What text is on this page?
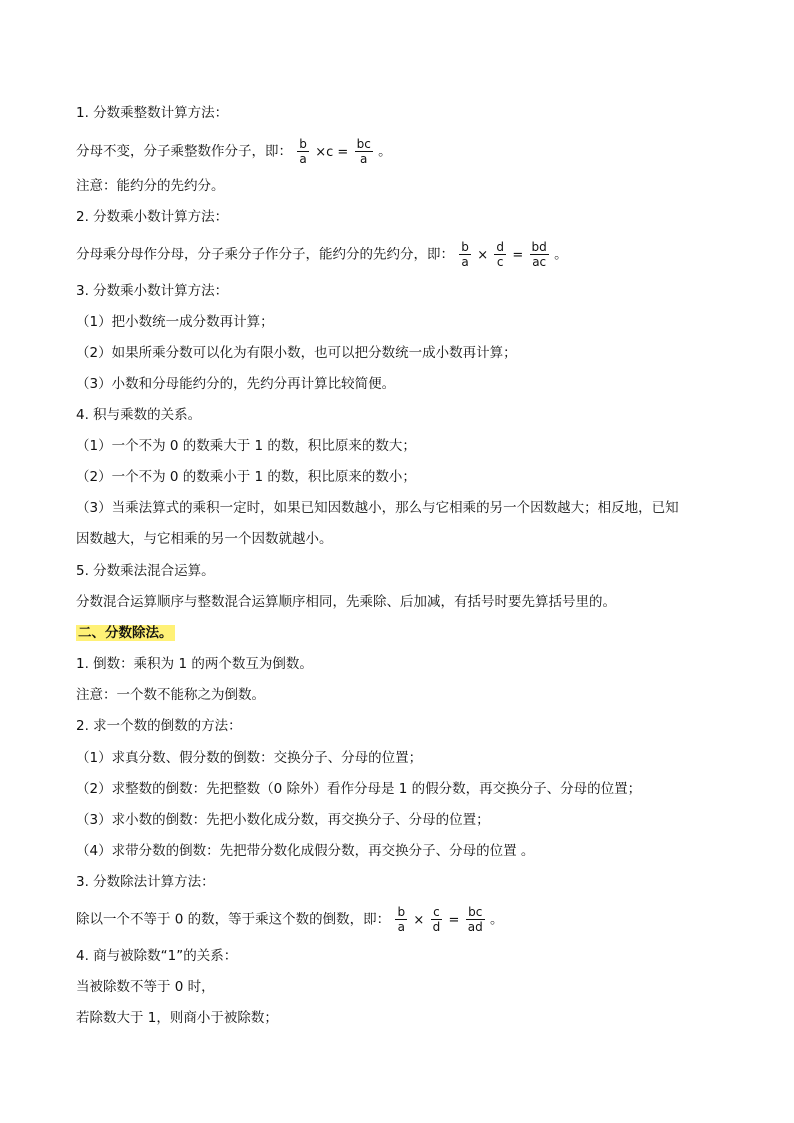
1. 分数乘整数计算方法：
分母不变，分子乘整数作分子，即： $\frac{b}{a} \times c = \frac{bc}{a}$ 。
注意：能约分的先约分。
2. 分数乘小数计算方法：
分母乘分母作分母，分子乘分子作分子，能约分的先约分，即： $\frac{b}{a} \times \frac{d}{c} = \frac{bd}{ac}$ 。
3. 分数乘小数计算方法：
（1）把小数统一成分数再计算；
（2）如果所乘分数可以化为有限小数，也可以把分数统一成小数再计算；
（3）小数和分母能约分的，先约分再计算比较简便。
4. 积与乘数的关系。
（1）一个不为 0 的数乘大于 1 的数，积比原来的数大；
（2）一个不为 0 的数乘小于 1 的数，积比原来的数小；
（3）当乘法算式的乘积一定时，如果已知因数越小，那么与它相乘的另一个因数越大；相反地，已知
因数越大，与它相乘的另一个因数就越小。
5. 分数乘法混合运算。
分数混合运算顺序与整数混合运算顺序相同，先乘除、后加减，有括号时要先算括号里的。
二、分数除法。
1. 倒数：乘积为 1 的两个数互为倒数。
注意：一个数不能称之为倒数。
2. 求一个数的倒数的方法：
（1）求真分数、假分数的倒数：交换分子、分母的位置；
（2）求整数的倒数：先把整数（0 除外）看作分母是 1 的假分数，再交换分子、分母的位置；
（3）求小数的倒数：先把小数化成分数，再交换分子、分母的位置；
（4）求带分数的倒数：先把带分数化成假分数，再交换分子、分母的位置 。
3. 分数除法计算方法：
除以一个不等于 0 的数，等于乘这个数的倒数，即： $\frac{b}{a} \times \frac{c}{d} = \frac{bc}{ad}$ 。
4. 商与被除数“1”的关系：
当被除数不等于 0 时，
若除数大于 1，则商小于被除数；
